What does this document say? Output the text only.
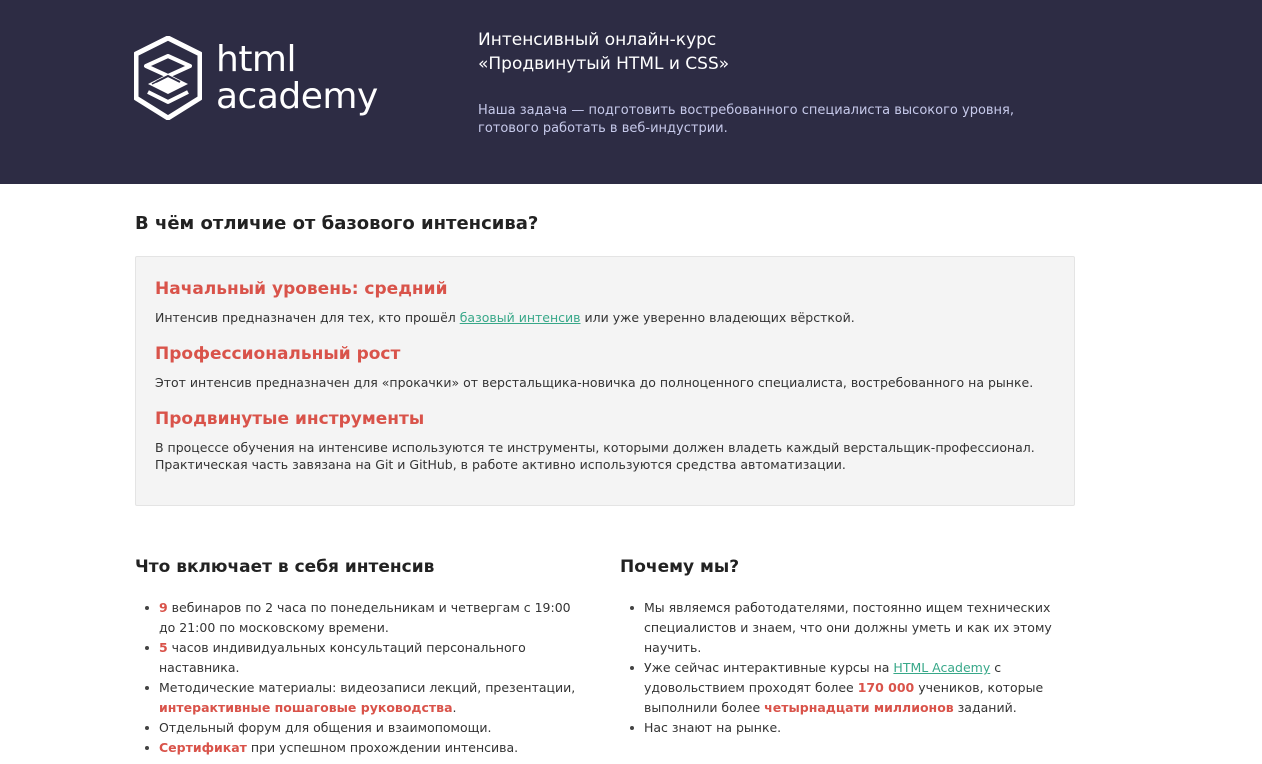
html
academy
Интенсивный онлайн-курс
«Продвинутый HTML и CSS»

Наша задача — подготовить востребованного специалиста высокого уровня, готового работать в веб-индустрии.

В чём отличие от базового интенсива?
Начальный уровень: средний

Интенсив предназначен для тех, кто прошёл базовый интенсив или уже уверенно владеющих вёрсткой.

Профессиональный рост

Этот интенсив предназначен для «прокачки» от верстальщика-новичка до полноценного специалиста, востребованного на рынке.

Продвинутые инструменты

В процессе обучения на интенсиве используются те инструменты, которыми должен владеть каждый верстальщик-профессионал. Практическая часть завязана на Git и GitHub, в работе активно используются средства автоматизации.

Что включает в себя интенсив
9 вебинаров по 2 часа по понедельникам и четвергам с 19:00 до 21:00 по московскому времени.
5 часов индивидуальных консультаций персонального наставника.
Методические материалы: видеозаписи лекций, презентации, интерактивные пошаговые руководства.
Отдельный форум для общения и взаимопомощи.
Сертификат при успешном прохождении интенсива.
Почему мы?
Мы являемся работодателями, постоянно ищем технических специалистов и знаем, что они должны уметь и как их этому научить.
Уже сейчас интерактивные курсы на HTML Academy с удовольствием проходят более 170 000 учеников, которые выполнили более четырнадцати миллионов заданий.
Нас знают на рынке.
